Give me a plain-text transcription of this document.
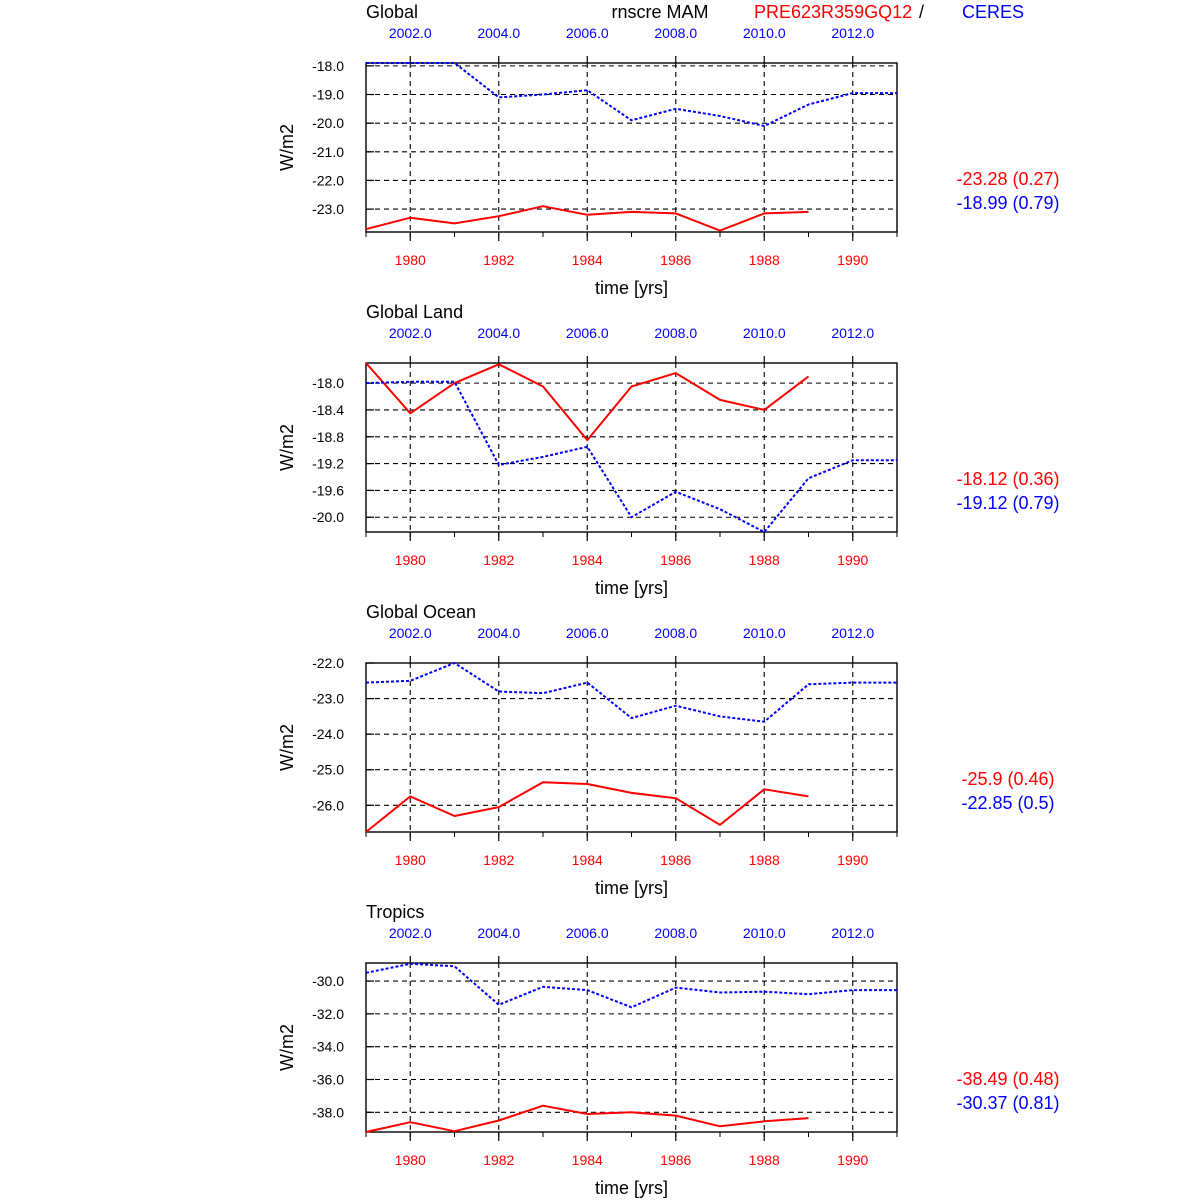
rnscre MAM	PRE623R359GQ12 / CERES
Global
-18.0
-19.0
-20.0
-21.0
-22.0
-23.0
1980	1982	1984	1986	1988	1990
2002.0	2004.0	2006.0	2008.0	2010.0	2012.0
W/m2
time [yrs]
-23.28 (0.27)
-18.99 (0.79)
Global Land
-18.0
-18.4
-18.8
-19.2
-19.6
-20.0
1980	1982	1984	1986	1988	1990
2002.0	2004.0	2006.0	2008.0	2010.0	2012.0
W/m2
time [yrs]
-18.12 (0.36)
-19.12 (0.79)
Global Ocean
-22.0
-23.0
-24.0
-25.0
-26.0
1980	1982	1984	1986	1988	1990
2002.0	2004.0	2006.0	2008.0	2010.0	2012.0
W/m2
time [yrs]
-25.9 (0.46)
-22.85 (0.5)
Tropics
-30.0
-32.0
-34.0
-36.0
-38.0
1980	1982	1984	1986	1988	1990
2002.0	2004.0	2006.0	2008.0	2010.0	2012.0
W/m2
time [yrs]
-38.49 (0.48)
-30.37 (0.81)
